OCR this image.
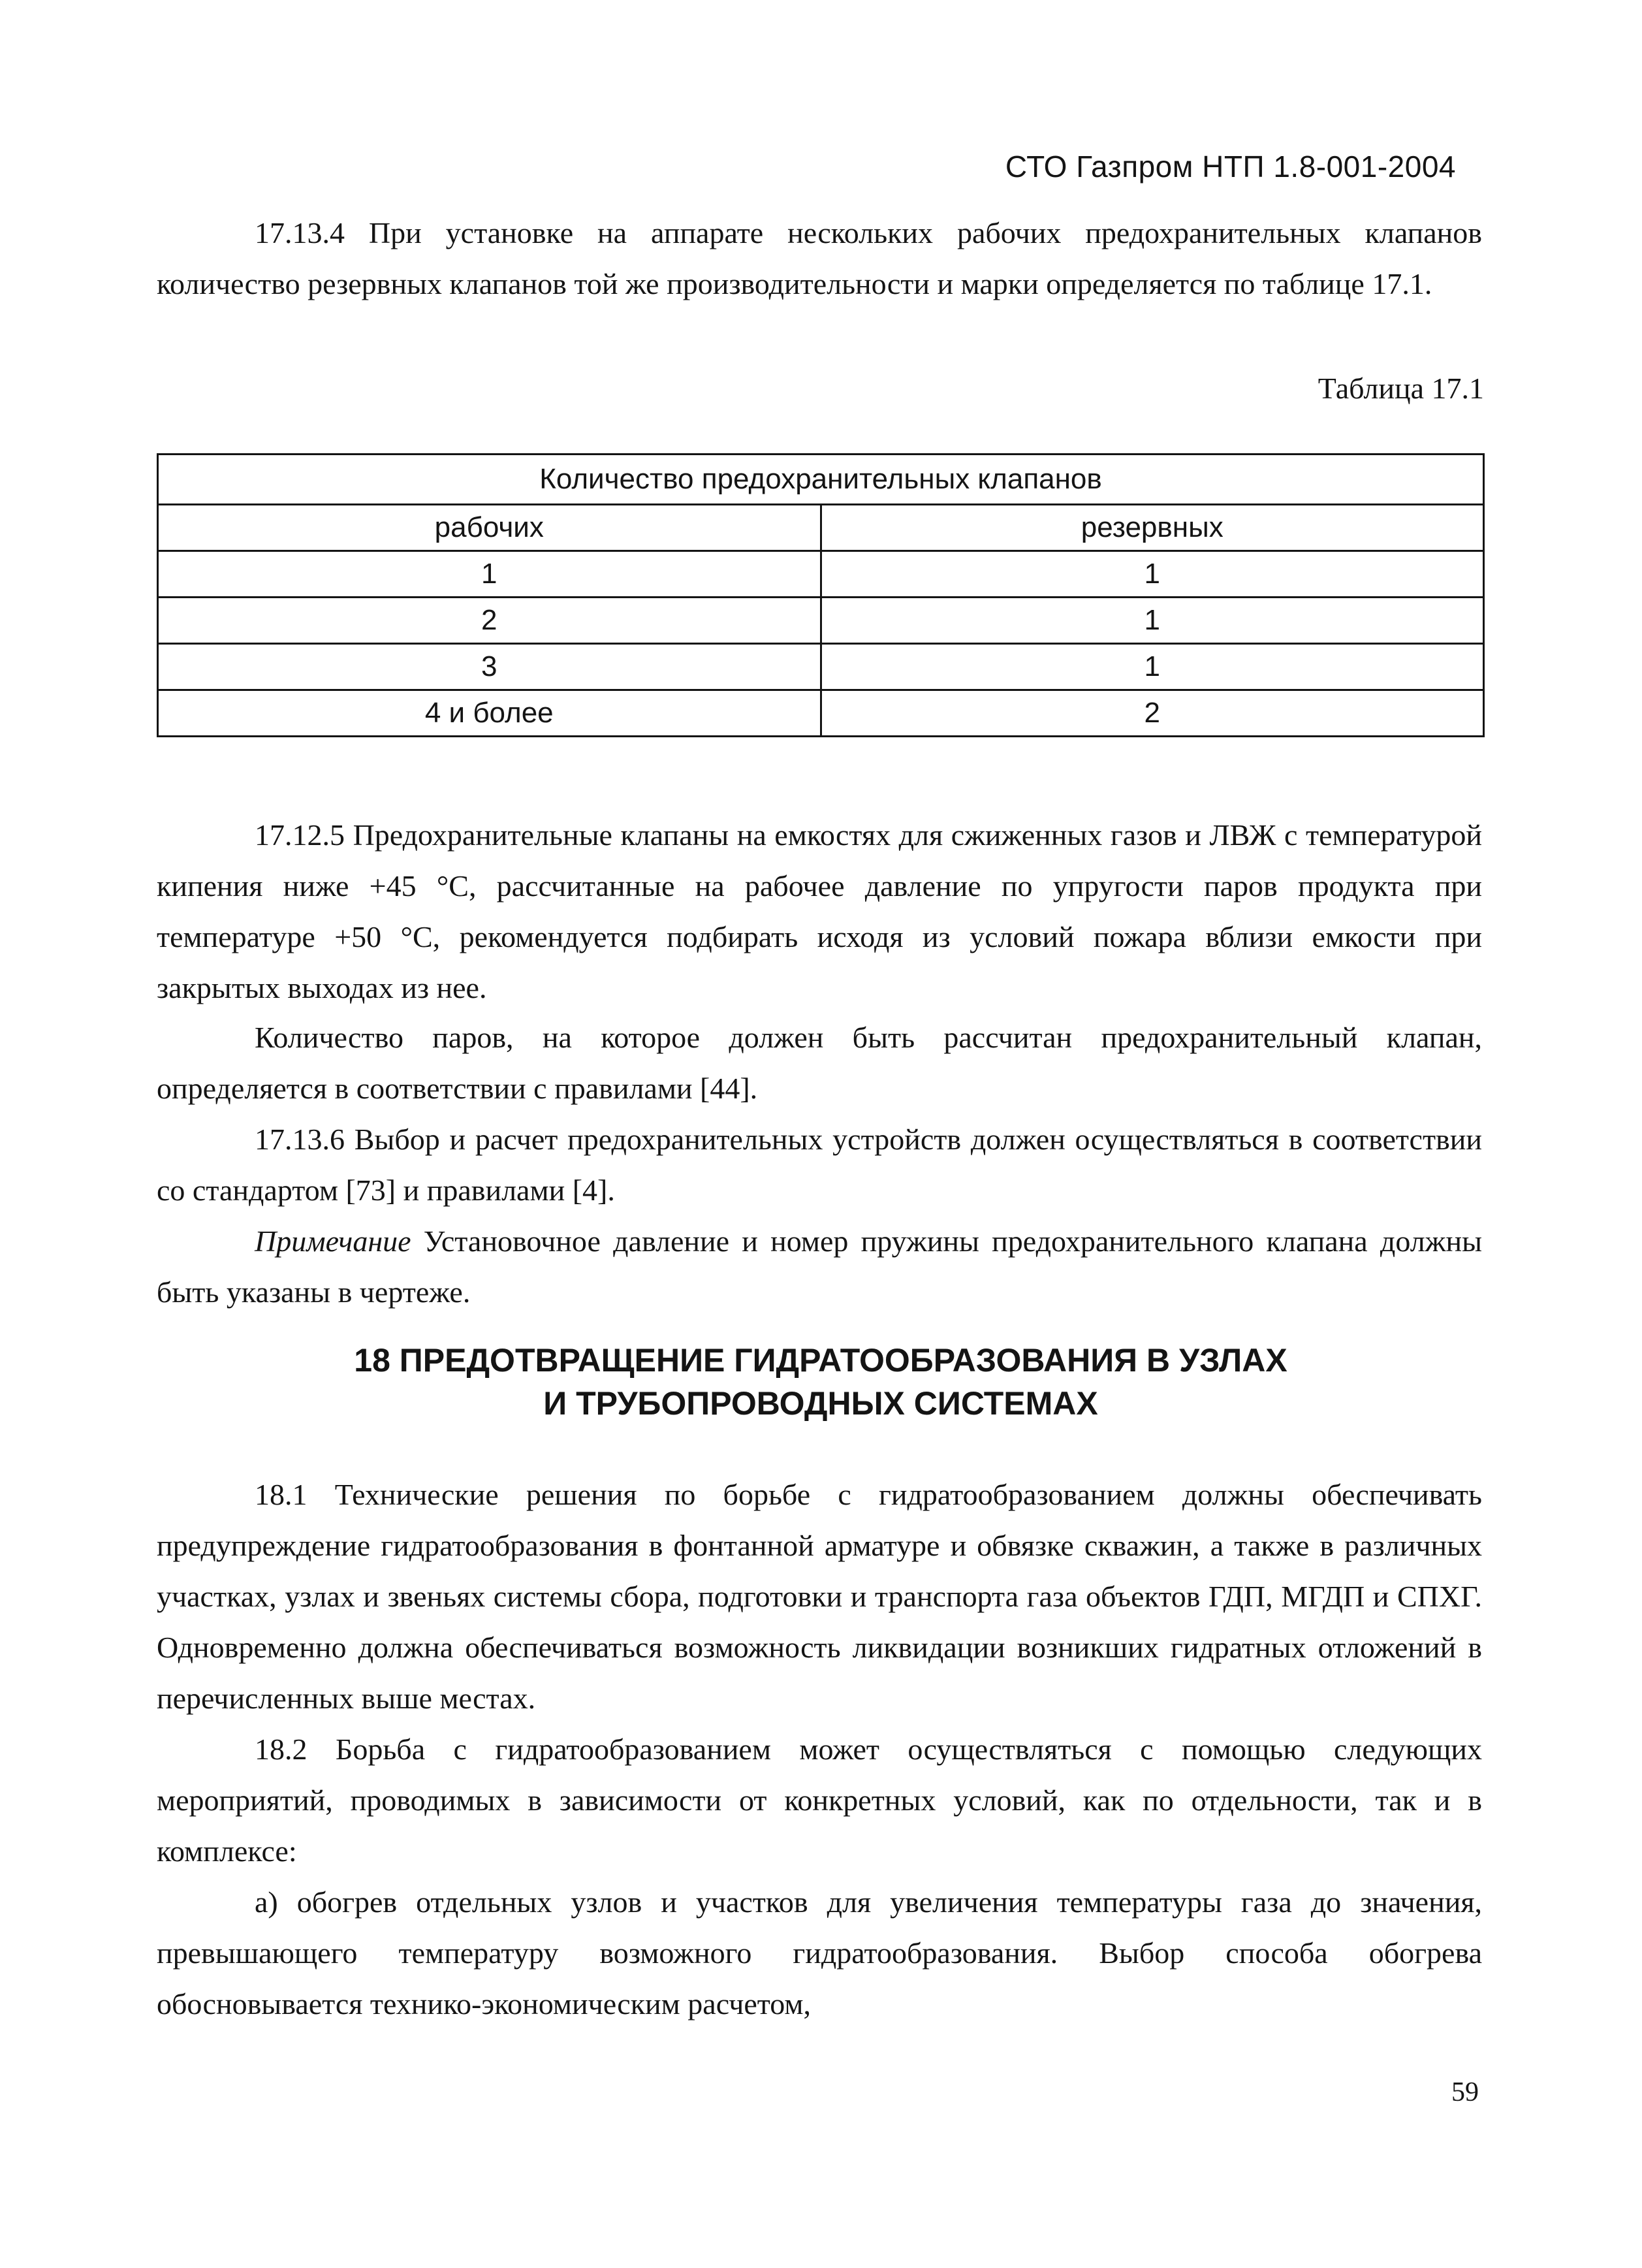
СТО Газпром НТП 1.8-001-2004

17.13.4 При установке на аппарате нескольких рабочих предохранительных клапанов количество резервных клапанов той же производительности и марки определяется по таблице 17.1.

Таблица 17.1
Количество предохранительных клапанов	
рабочих	резервных
1	1
2	1
3	1
4 и более	2

17.12.5 Предохранительные клапаны на емкостях для сжиженных газов и ЛВЖ с температурой кипения ниже +45 °С, рассчитанные на рабочее давление по упругости паров продукта при температуре +50 °С, рекомендуется подбирать исходя из условий пожара вблизи емкости при закрытых выходах из нее.

Количество паров, на которое должен быть рассчитан предохранительный клапан, определяется в соответствии с правилами [44].

17.13.6 Выбор и расчет предохранительных устройств должен осуществляться в соответствии со стандартом [73] и правилами [4].

Примечание Установочное давление и номер пружины предохранительного клапана должны быть указаны в чертеже.

18 ПРЕДОТВРАЩЕНИЕ ГИДРАТООБРАЗОВАНИЯ В УЗЛАХ
И ТРУБОПРОВОДНЫХ СИСТЕМАХ

18.1 Технические решения по борьбе с гидратообразованием должны обеспечивать предупреждение гидратообразования в фонтанной арматуре и обвязке скважин, а также в различных участках, узлах и звеньях системы сбора, подготовки и транспорта газа объектов ГДП, МГДП и СПХГ. Одновременно должна обеспечиваться возможность ликвидации возникших гидратных отложений в перечисленных выше местах.

18.2 Борьба с гидратообразованием может осуществляться с помощью следующих мероприятий, проводимых в зависимости от конкретных условий, как по отдельности, так и в комплексе:

а) обогрев отдельных узлов и участков для увеличения температуры газа до значения, превышающего температуру возможного гидратообразования. Выбор способа обогрева обосновывается технико-экономическим расчетом,

59
